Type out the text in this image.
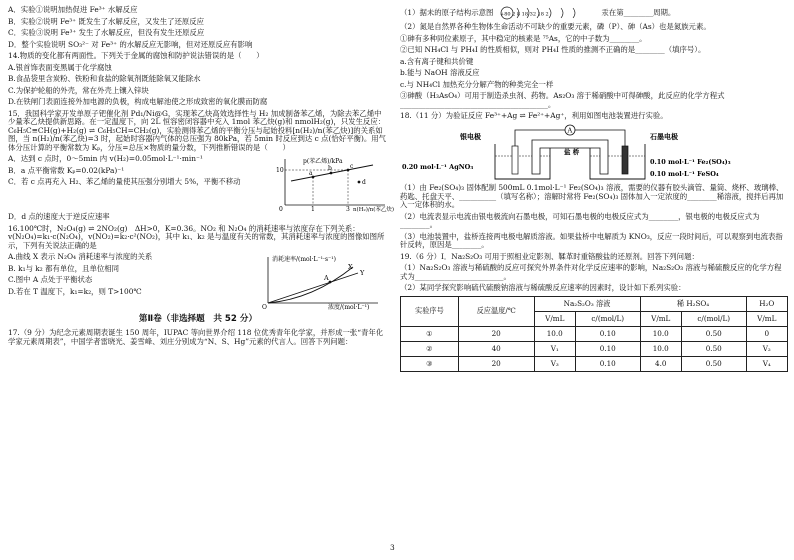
A．实验①说明加热促进 Fe³⁺ 水解反应

B．实验②说明 Fe³⁺ 既发生了水解反应，又发生了还原反应

C．实验③说明 Fe³⁺ 发生了水解反应，但没有发生还原反应

D．整个实验说明 SO₃²⁻ 对 Fe³⁺ 的水解反应无影响，但对还原反应有影响

14.物质的变化都有两面性。下列关于金属的腐蚀和防护说法错误的是（　　）

A.银首饰表面变黑属于化学腐蚀

B.食品袋里含炭粉、铁粉和食盐的除氧剂既能除氧又能除水

C.为保护轮船的外壳，常在外壳上镶入锌块

D.在铁闸门表面连接外加电源的负极，构成电解池使之形成致密的氧化膜而防腐

15．我国科学家开发单原子钯催化剂 Pd₁/Ni@G，实现苯乙炔高效选择性与 H₂ 加成制备苯乙烯，为除去苯乙烯中少量苯乙炔提供新思路。在一定温度下，向 2L 恒容密闭容器中充入 1mol 苯乙炔(g)和 nmolH₂(g)，只发生反应：C₆H₅C≡CH(g)+H₂(g) ⇌ C₆H₅CH=CH₂(g)，实验测得苯乙烯的平衡分压与起始投料[n(H₂)/n(苯乙炔)]的关系如图，当 n(H₂)/n(苯乙炔)=3 时，起始时容器内气体的总压强为 80kPa，若 5min 时反应到达 c 点(恰好平衡)。用气体分压计算的平衡常数为 Kₚ，分压=总压×物质的量分数，下列推断错误的是（　　）

A．达到 c 点时，0～5min 内 v(H₂)=0.05mol·L⁻¹·min⁻¹

B．a 点平衡常数 Kₚ=0.02(kPa)⁻¹

C．若 c 点再充入 H₂、苯乙烯的量使其压强分别增大 5%，平衡不移动

p(苯乙烯)/kPa
10	a
b	c
d
0	1	3 n(H₂)/n(苯乙炔)

D．d 点的速度大于逆反应速率

16.100℃时，N₂O₄(g) ⇌ 2NO₂(g)　ΔH>0，K=0.36。NO₂ 和 N₂O₄ 的消耗速率与浓度存在下列关系：v(N₂O₄)=k₁·c(N₂O₄)，v(NO₂)=k₂·c²(NO₂)，其中 k₁、k₂ 是与温度有关的常数，其消耗速率与浓度的图像如图所示，下列有关说法正确的是

A.曲线 X 表示 N₂O₄ 消耗速率与浓度的关系

B. k₁与 k₂ 都有单位，且单位相同

C.图中 A 点处于平衡状态

D.若在 T 温度下，k₁=k₂，则 T>100℃

消耗速率/(mol·L⁻¹·s⁻¹)
X
Y
A
O	浓度/(mol·L⁻¹)
第Ⅱ卷（非选择题　共 52 分）

17.（9 分）为纪念元素周期表诞生 150 周年，IUPAC 等向世界介绍 118 位优秀青年化学家，并形成一张“青年化学家元素周期表”，中国学者雷晓光、姜雪峰、刘庄分别成为“N、S、Hg”元素的代言人。回答下列问题：

（1）据未的原子结构示意图 +80 2 8 18 32 18 2	汞在第________周期。

（2）氮是自然界各种生物体生命活动不可缺少的重要元素，磷（P）、砷（As）也是氮族元素。

①砷有多种同位素原子，其中稳定的核素是 ⁷⁵As，它的中子数为________。

②已知 NH₄Cl 与 PH₄I 的性质相似，则对 PH₄I 性质的推测不正确的是________（填序号）。

a.含有离子键和共价键

b.能与 NaOH 溶液反应

c.与 NH₄Cl 加热充分分解产物的种类完全一样

③砷酸（H₃AsO₄）可用于制造杀虫剂、药物。As₂O₃ 溶于稀硝酸中可得砷酸，此反应的化学方程式________________________________________。

18.（11 分）为验证反应 Fe³⁺+Ag ⇌ Fe²⁺+Ag⁺，利用如图电池装置进行实验。

A
盐 桥
银电极	石墨电极
0.20 mol·L⁻¹ AgNO₃
0.10 mol·L⁻¹ Fe₂(SO₄)₃
0.10 mol·L⁻¹ FeSO₄

（1）由 Fe₂(SO₄)₃ 固体配制 500mL 0.1mol·L⁻¹ Fe₂(SO₄)₃ 溶液，需要的仪器有胶头滴管、量筒、烧杯、玻璃棒、药匙、托盘天平、__________（填写名称）；溶解时常将 Fe₂(SO₄)₃ 固体加入一定浓度的________稀溶液，搅拌后再加入一定体积的水。

（2）电流表显示电流由银电极流向石墨电极，可知石墨电极的电极反应式为________，银电极的电极反应式为________。

（3）电池装置中，盐桥连接两电极电解质溶液。如果盐桥中电解质为 KNO₃，反应一段时间后，可以观察到电流表指针反转，原因是________。

19.（6 分）Ⅰ．Na₂S₂O₃ 可用于照相业定影剂、鞣革时重铬酸盐的还原剂。回答下列问题：

（1）Na₂S₂O₃ 溶液与稀硫酸的反应可探究外界条件对化学反应速率的影响，Na₂S₂O₃ 溶液与稀硫酸反应的化学方程式为________________________。

（2）某同学探究影响硫代硫酸钠溶液与稀硫酸反应速率的因素时，设计如下系列实验：

实验序号	反应温度/℃	Na₂S₂O₃ 溶液		稀 H₂SO₄		H₂O
		V/mL	c/(mol/L)	V/mL	c/(mol/L)	V/mL
①	20	10.0	0.10	10.0	0.50	0
②	40	V₁	0.10	10.0	0.50	V₂
③	20	V₃	0.10	4.0	0.50	V₄
3
